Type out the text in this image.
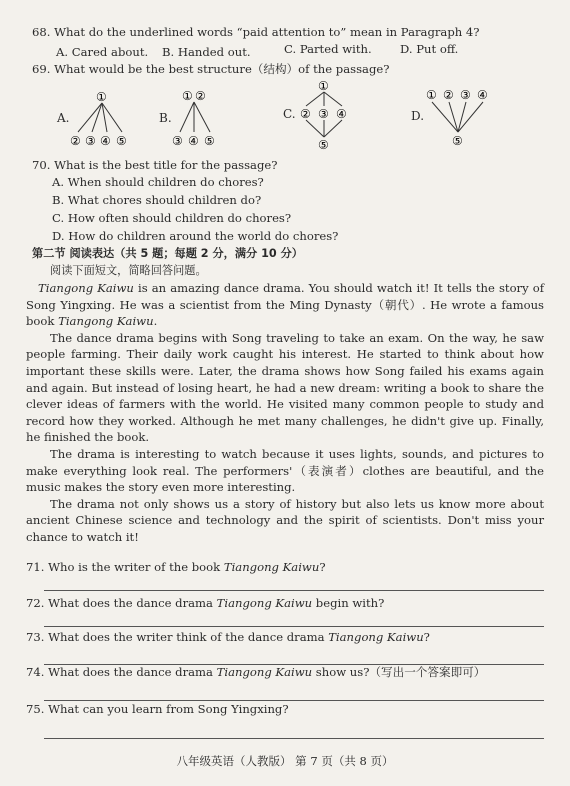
68. What do the underlined words “paid attention to” mean in Paragraph 4?
A. Cared about. B. Handed out.	C. Parted with. D. Put off.
69. What would be the best structure（结构）of the passage?
A.
①
② ③ ④ ⑤
B.
① ②
③ ④ ⑤
C.
①
② ③ ④
⑤
D.
① ② ③ ④
⑤
70. What is the best title for the passage?
A. When should children do chores?
B. What chores should children do?
C. How often should children do chores?
D. How do children around the world do chores?
第二节 阅读表达（共 5 题；每题 2 分，满分 10 分）
阅读下面短文，简略回答问题。

Tiangong Kaiwu is an amazing dance drama. You should watch it! It tells the story of Song Yingxing. He was a scientist from the Ming Dynasty（朝代）. He wrote a famous book Tiangong Kaiwu.

The dance drama begins with Song traveling to take an exam. On the way, he saw people farming. Their daily work caught his interest. He started to think about how important these skills were. Later, the drama shows how Song failed his exams again and again. But instead of losing heart, he had a new dream: writing a book to share the clever ideas of farmers with the world. He visited many common people to study and record how they worked. Although he met many challenges, he didn't give up. Finally, he finished the book.

The drama is interesting to watch because it uses lights, sounds, and pictures to make everything look real. The performers'（表演者）clothes are beautiful, and the music makes the story even more interesting.

The drama not only shows us a story of history but also lets us know more about ancient Chinese science and technology and the spirit of scientists. Don't miss your chance to watch it!

71. Who is the writer of the book Tiangong Kaiwu?
72. What does the dance drama Tiangong Kaiwu begin with?
73. What does the writer think of the dance drama Tiangong Kaiwu?
74. What does the dance drama Tiangong Kaiwu show us?（写出一个答案即可）
75. What can you learn from Song Yingxing?
八年级英语（人教版） 第 7 页（共 8 页）
